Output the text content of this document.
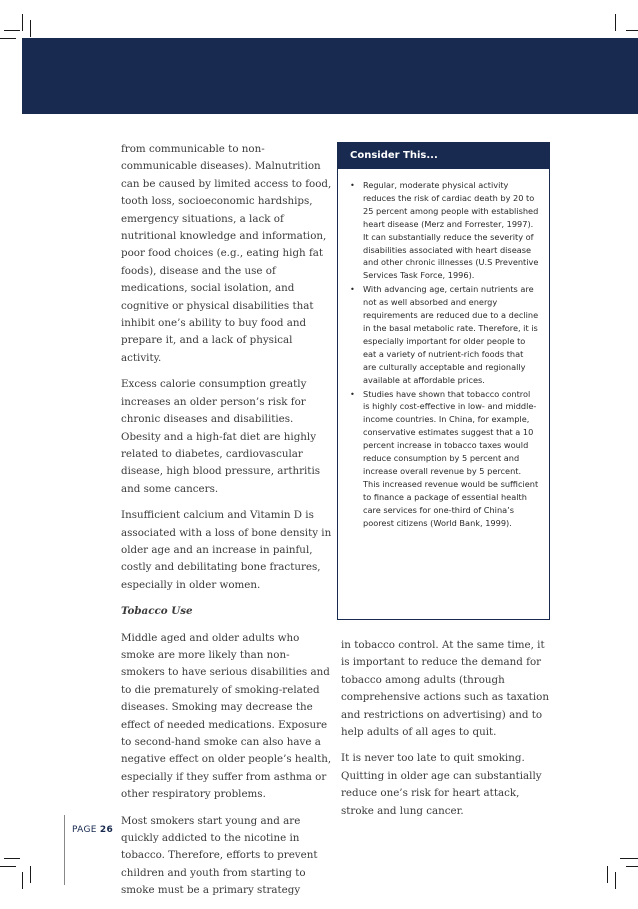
from communicable to non-communicable diseases). Malnutrition can be caused by limited access to food, tooth loss, socioeconomic hardships, emergency situations, a lack of nutritional knowledge and information, poor food choices (e.g., eating high fat foods), disease and the use of medications, social isolation, and cognitive or physical disabilities that inhibit one’s ability to buy food and prepare it, and a lack of physical activity.

Excess calorie consumption greatly increases an older person’s risk for chronic diseases and disabilities. Obesity and a high-fat diet are highly related to diabetes, cardiovascular disease, high blood pressure, arthritis and some cancers.

Insufficient calcium and Vitamin D is associated with a loss of bone density in older age and an increase in painful, costly and debilitating bone fractures, especially in older women.

Tobacco Use

Middle aged and older adults who smoke are more likely than non-smokers to have serious disabilities and to die prematurely of smoking-related diseases. Smoking may decrease the effect of needed medications. Exposure to second-hand smoke can also have a negative effect on older people’s health, especially if they suffer from asthma or other respiratory problems.

Most smokers start young and are quickly addicted to the nicotine in tobacco. Therefore, efforts to prevent children and youth from starting to smoke must be a primary strategy

Consider This...
• Regular, moderate physical activity reduces the risk of cardiac death by 20 to 25 percent among people with established heart disease (Merz and Forrester, 1997). It can substantially reduce the severity of disabilities associated with heart disease and other chronic illnesses (U.S Preventive Services Task Force, 1996).
• With advancing age, certain nutrients are not as well absorbed and energy requirements are reduced due to a decline in the basal metabolic rate. Therefore, it is especially important for older people to eat a variety of nutrient-rich foods that are culturally acceptable and regionally available at affordable prices.
• Studies have shown that tobacco control is highly cost-effective in low- and middle-income countries. In China, for example, conservative estimates suggest that a 10 percent increase in tobacco taxes would reduce consumption by 5 percent and increase overall revenue by 5 percent. This increased revenue would be sufficient to finance a package of essential health care services for one-third of China’s poorest citizens (World Bank, 1999).

in tobacco control. At the same time, it is important to reduce the demand for tobacco among adults (through comprehensive actions such as taxation and restrictions on advertising) and to help adults of all ages to quit.

It is never too late to quit smoking. Quitting in older age can substantially reduce one’s risk for heart attack, stroke and lung cancer.

PAGE 26
